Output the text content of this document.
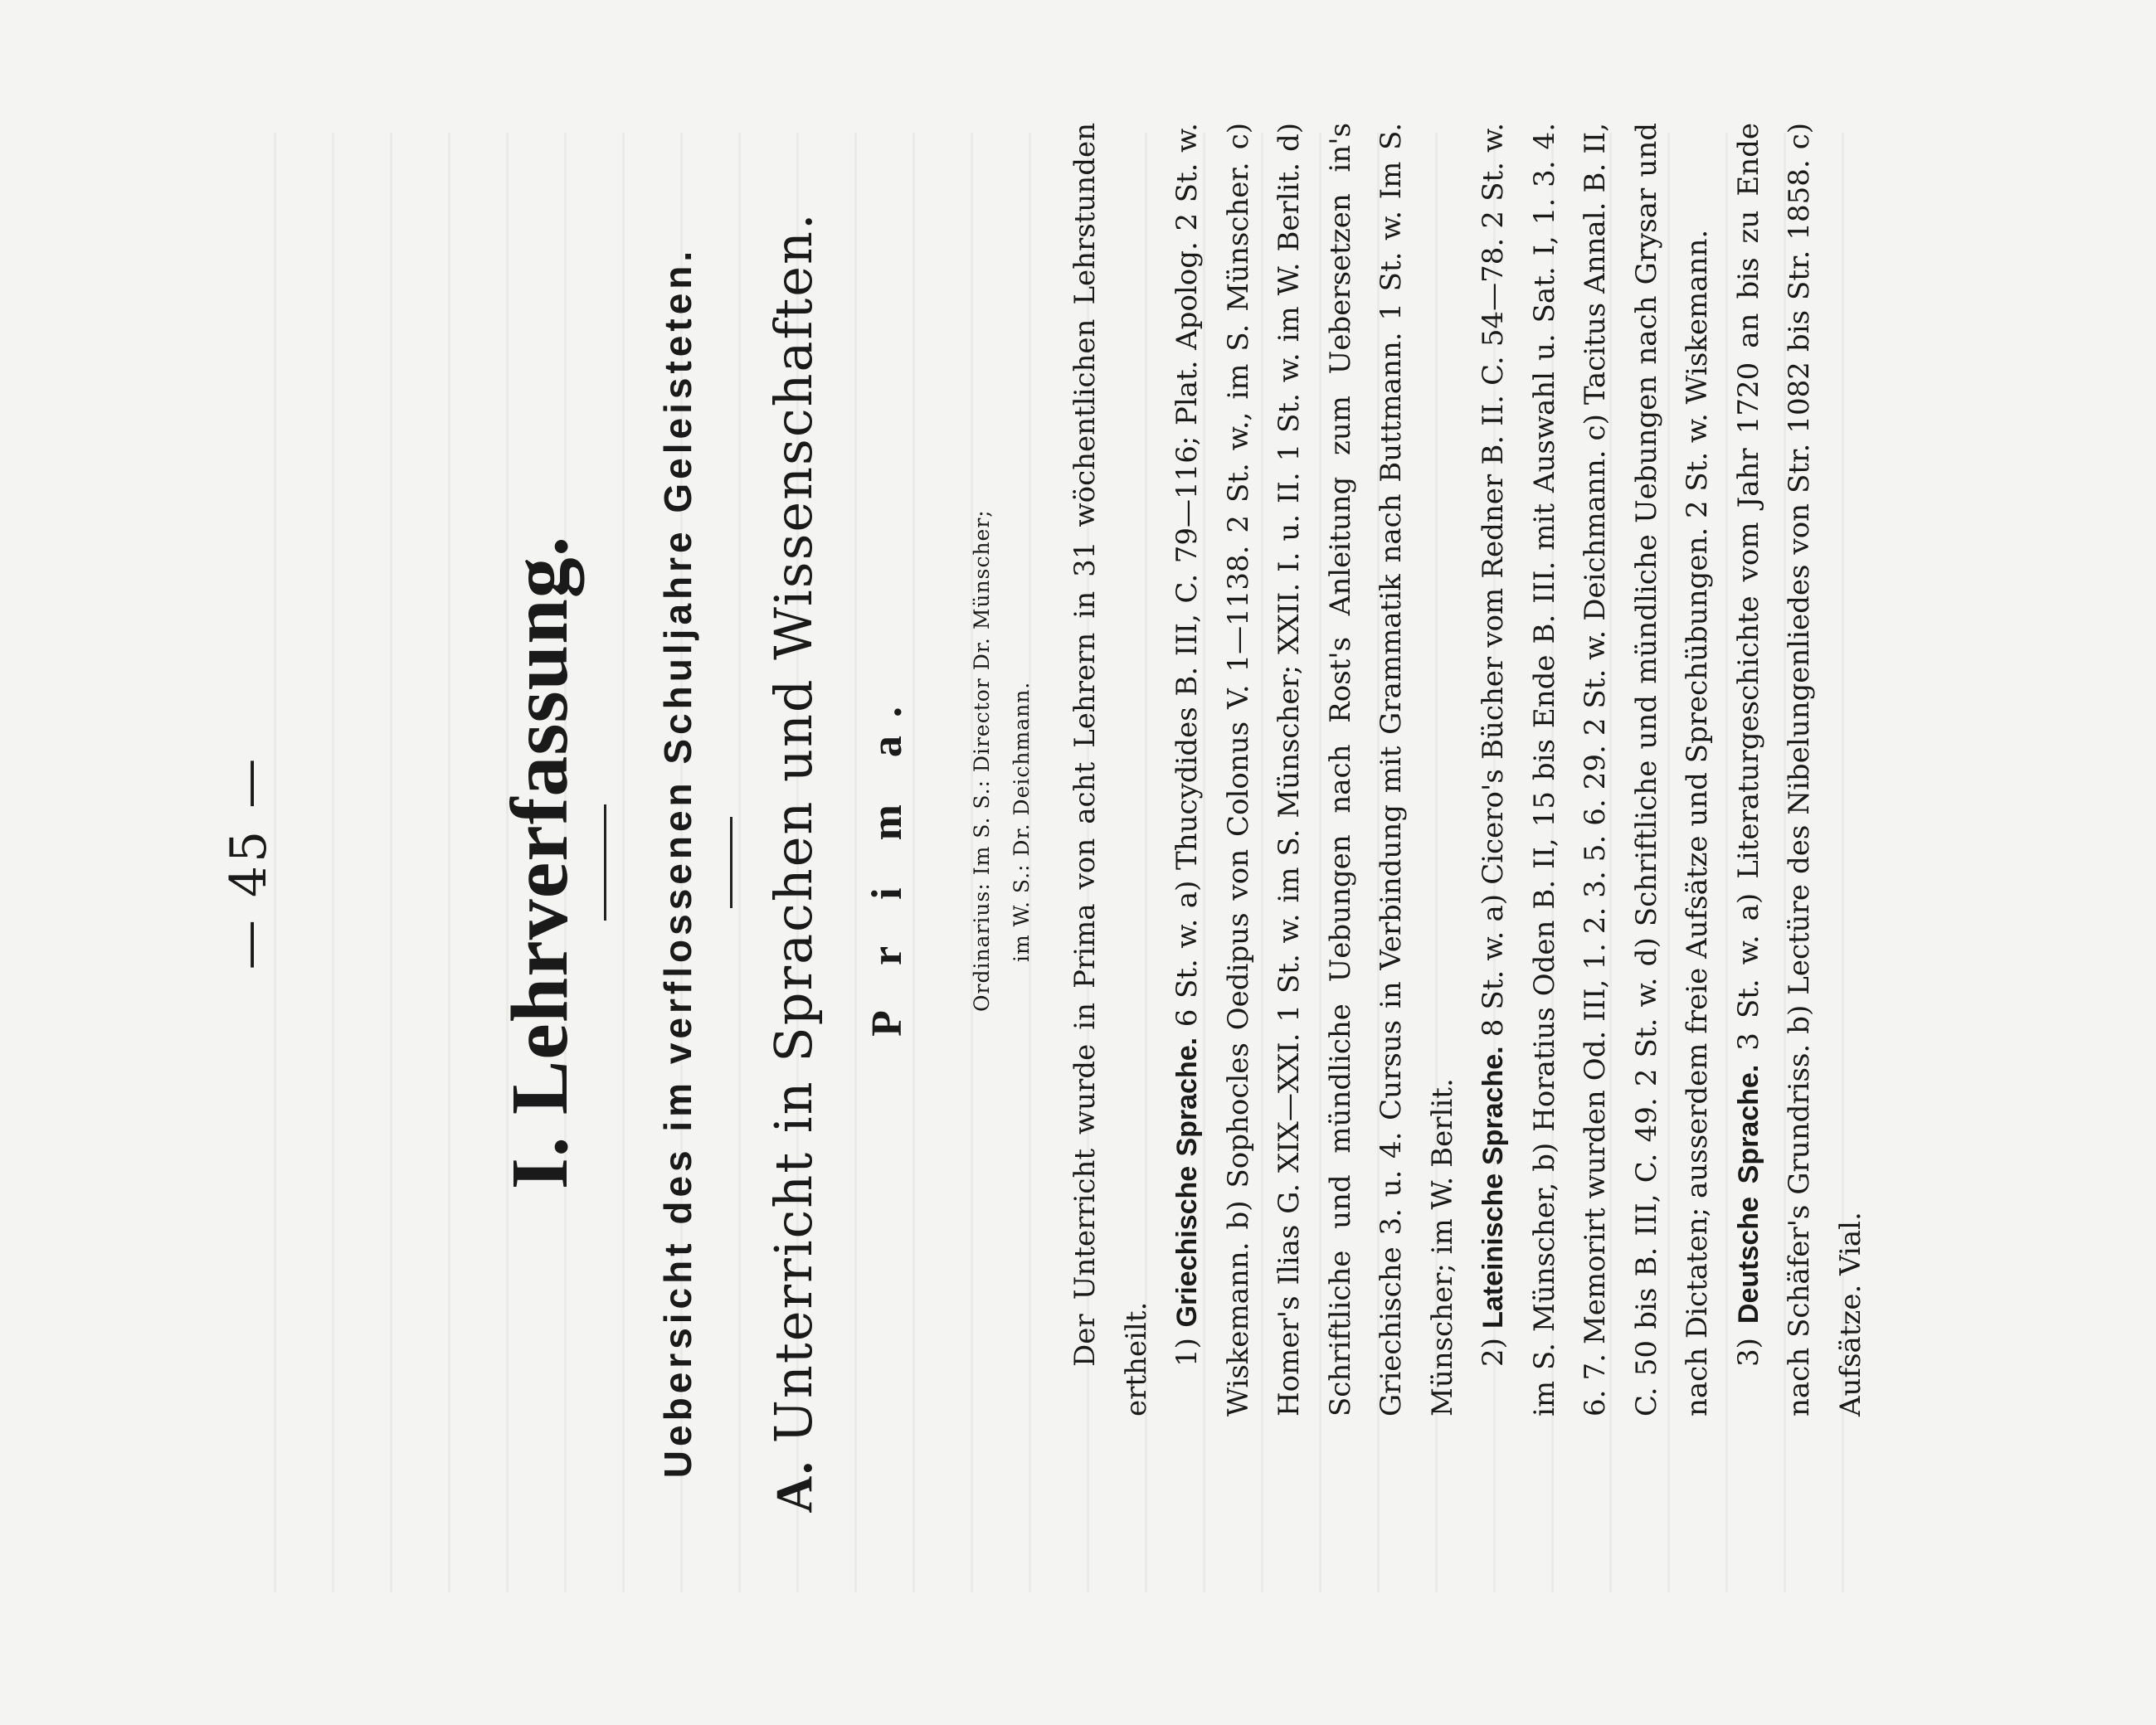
— 45 —	I. Lehrverfassung. Uebersicht des im verflossenen Schuljahre Geleisteten.
A.Unterricht in Sprachen und Wissenschaften. P r i m a.	Ordinarius: Im S. S.: Director Dr. Münscher; im W. S.: Dr. Deichmann. Der Unterricht wurde in Prima von acht Lehrern in 31 wöchentlichen Lehrstunden ertheilt. 1) Griechische Sprache. 6 St. w. a) Thucydides B. III, C. 79—116; Plat. Apolog. 2 St. w. Wiskemann. b) Sophocles Oedipus von Colonus V. 1—1138. 2 St. w., im S. Münscher. c) Homer's Ilias G. XIX—XXI. 1 St. w. im S. Münscher; XXII. I. u. II. 1 St. w. im W. Berlit. d) Schriftliche und mündliche Uebungen nach Rost's Anleitung zum Uebersetzen in's Griechische 3. u. 4. Cursus in Verbindung mit Grammatik nach Buttmann. 1 St. w. Im S. Münscher; im W. Berlit. 2) Lateinische Sprache. 8 St. w. a) Cicero's Bücher vom Redner B. II. C. 54—78. 2 St. w. im S. Münscher, b) Horatius Oden B. II, 15 bis Ende B. III. mit Auswahl u. Sat. I, 1. 3. 4. 6. 7. Memorirt wurden Od. III, 1. 2. 3. 5. 6. 29. 2 St. w. Deichmann. c) Tacitus Annal. B. II, C. 50 bis B. III, C. 49. 2 St. w. d) Schriftliche und mündliche Uebungen nach Grysar und nach Dictaten; ausserdem freie Aufsätze und Sprechübungen. 2 St. w. Wiskemann. 3) Deutsche Sprache. 3 St. w. a) Literaturgeschichte vom Jahr 1720 an bis zu Ende nach Schäfer's Grundriss. b) Lectüre des Nibelungenliedes von Str. 1082 bis Str. 1858. c) Aufsätze. Vial.
